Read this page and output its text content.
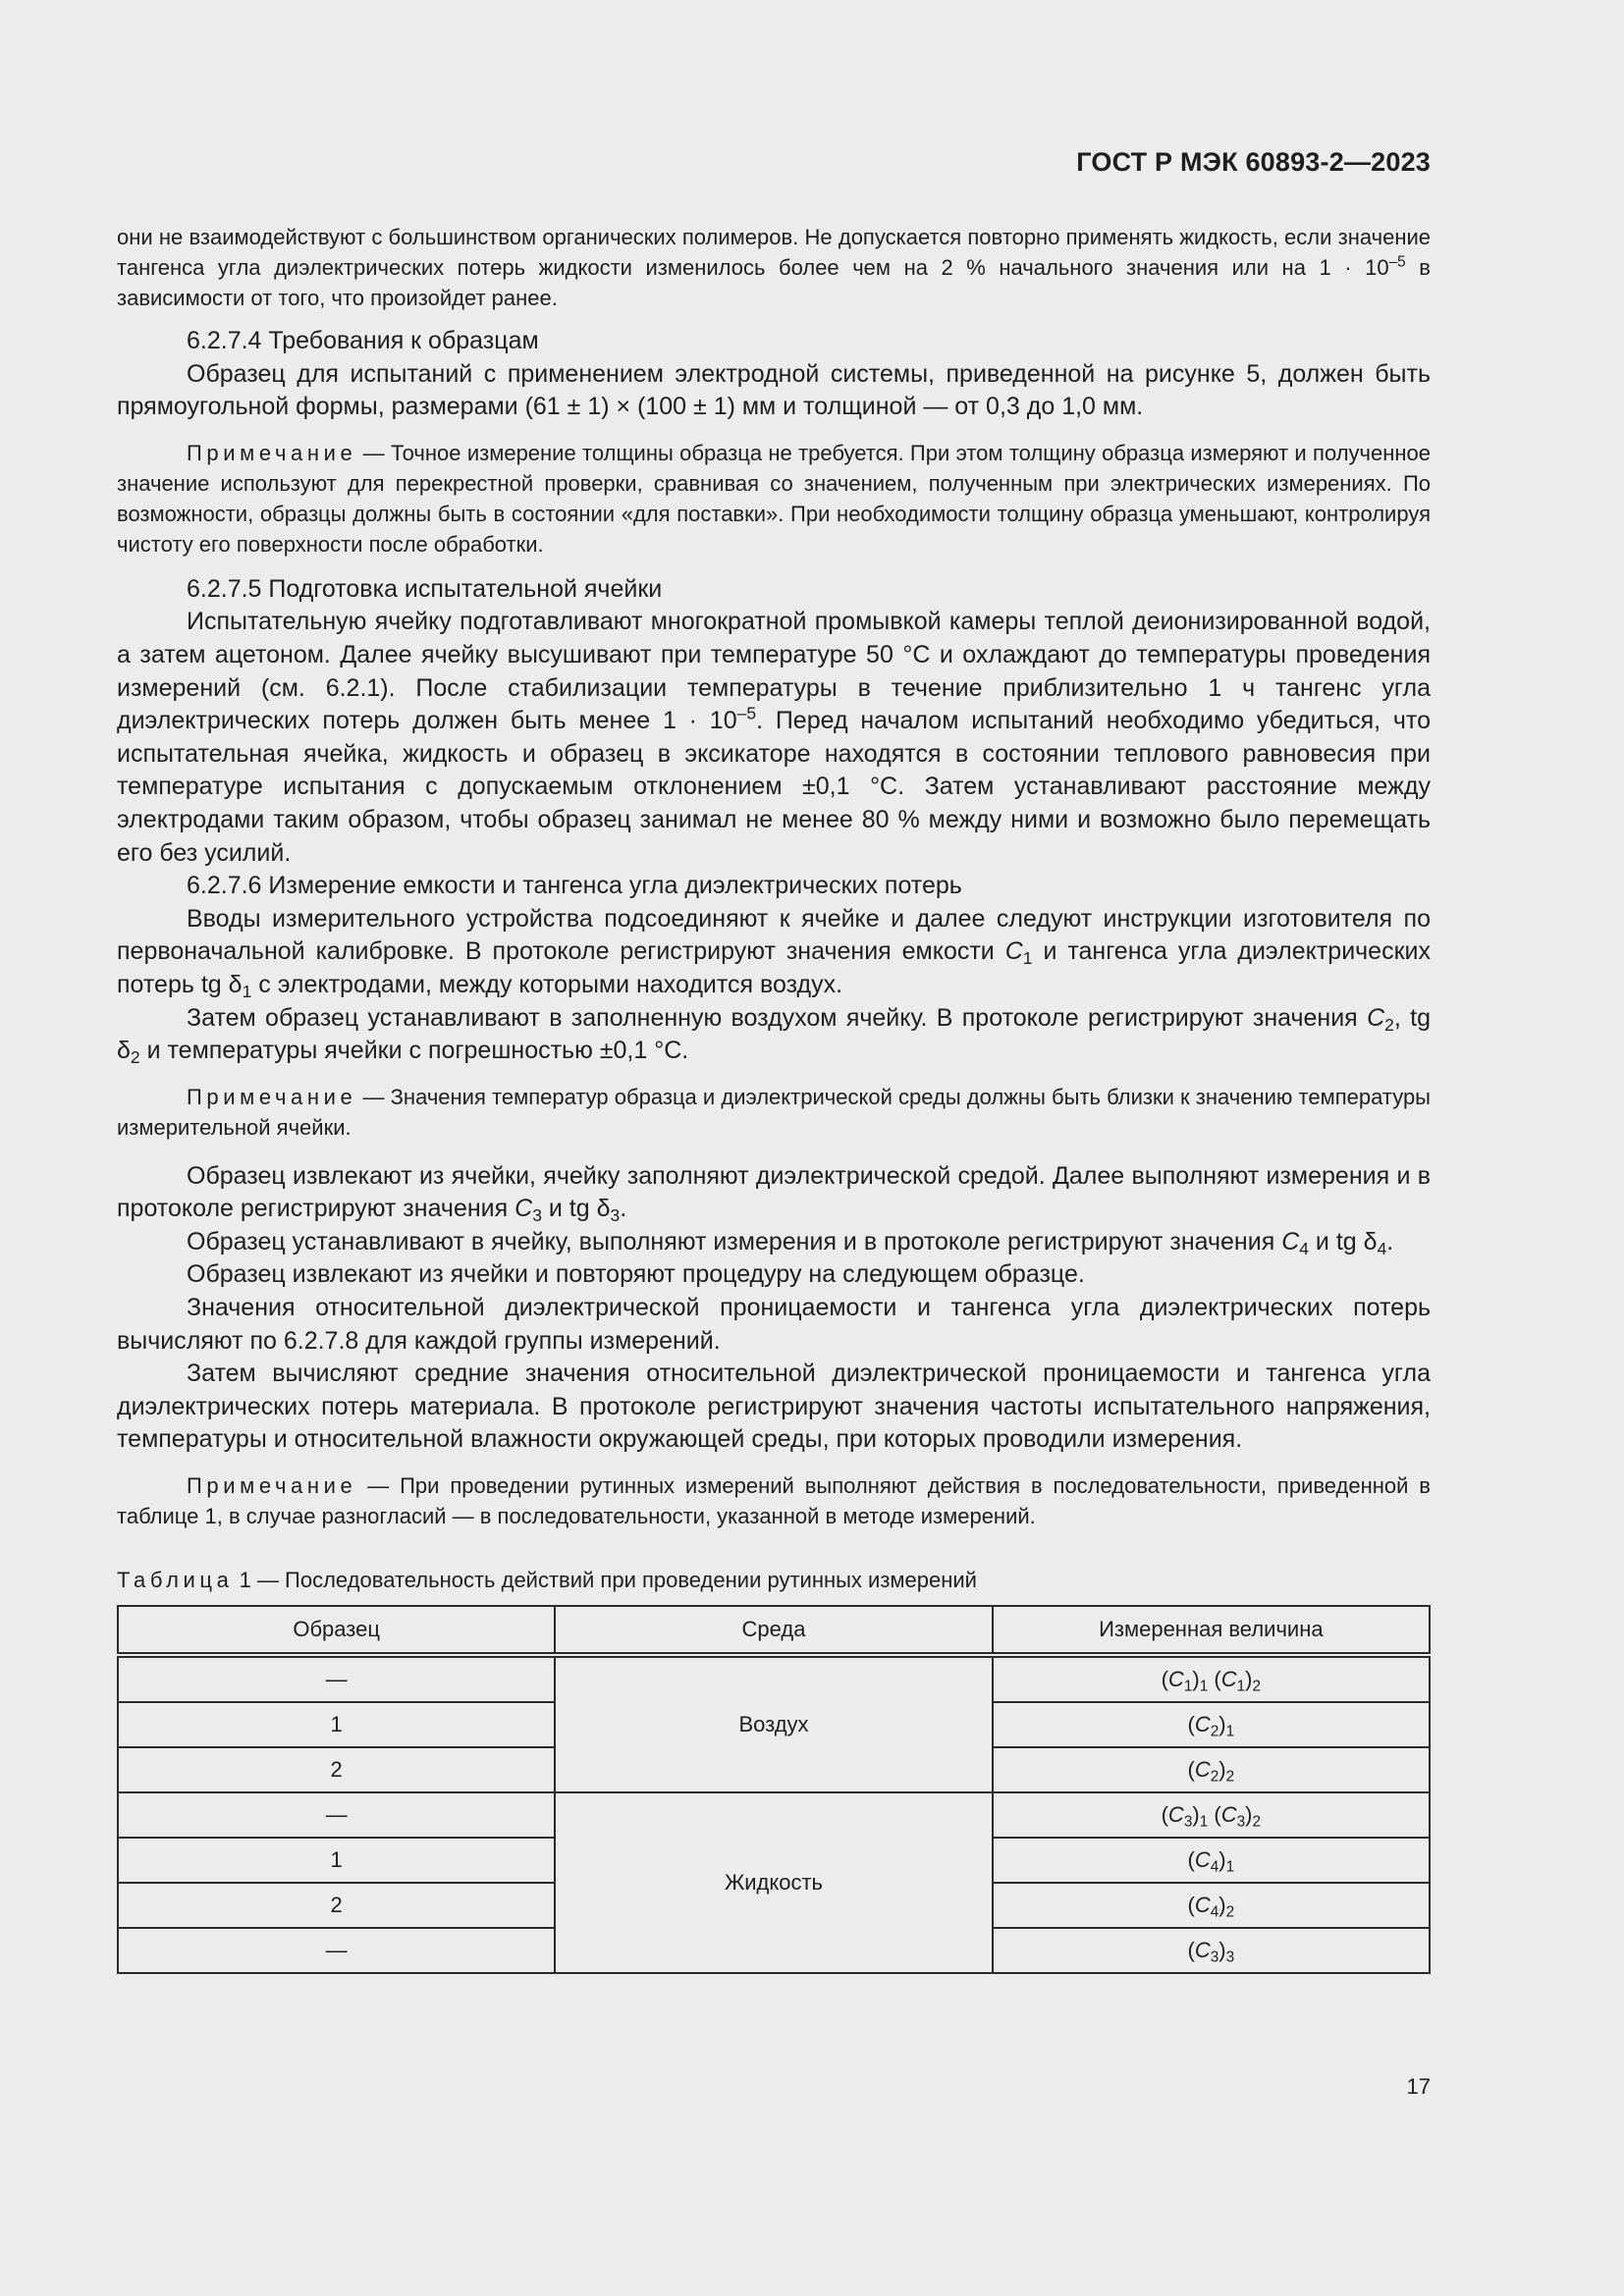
ГОСТ Р МЭК 60893-2—2023

они не взаимодействуют с большинством органических полимеров. Не допускается повторно применять жидкость, если значение тангенса угла диэлектрических потерь жидкости изменилось более чем на 2 % начального значения или на $1 \cdot 10^{-5}$ в зависимости от того, что произойдет ранее.

6.2.7.4 Требования к образцам

Образец для испытаний с применением электродной системы, приведенной на рисунке 5, должен быть прямоугольной формы, размерами (61 ± 1) × (100 ± 1) мм и толщиной — от 0,3 до 1,0 мм.

Примечание — Точное измерение толщины образца не требуется. При этом толщину образца измеряют и полученное значение используют для перекрестной проверки, сравнивая со значением, полученным при электрических измерениях. По возможности, образцы должны быть в состоянии «для поставки». При необходимости толщину образца уменьшают, контролируя чистоту его поверхности после обработки.

6.2.7.5 Подготовка испытательной ячейки

Испытательную ячейку подготавливают многократной промывкой камеры теплой деионизированной водой, а затем ацетоном. Далее ячейку высушивают при температуре 50 °C и охлаждают до температуры проведения измерений (см. 6.2.1). После стабилизации температуры в течение приблизительно 1 ч тангенс угла диэлектрических потерь должен быть менее $1 \cdot 10^{-5}$. Перед началом испытаний необходимо убедиться, что испытательная ячейка, жидкость и образец в эксикаторе находятся в состоянии теплового равновесия при температуре испытания с допускаемым отклонением ±0,1 °C. Затем устанавливают расстояние между электродами таким образом, чтобы образец занимал не менее 80 % между ними и возможно было перемещать его без усилий.

6.2.7.6 Измерение емкости и тангенса угла диэлектрических потерь

Вводы измерительного устройства подсоединяют к ячейке и далее следуют инструкции изготовителя по первоначальной калибровке. В протоколе регистрируют значения емкости $C_1$ и тангенса угла диэлектрических потерь tg $\delta_1$ с электродами, между которыми находится воздух.

Затем образец устанавливают в заполненную воздухом ячейку. В протоколе регистрируют значения $C_2$, tg $\delta_2$ и температуры ячейки с погрешностью ±0,1 °C.

Примечание — Значения температур образца и диэлектрической среды должны быть близки к значению температуры измерительной ячейки.

Образец извлекают из ячейки, ячейку заполняют диэлектрической средой. Далее выполняют измерения и в протоколе регистрируют значения $C_3$ и tg $\delta_3$.

Образец устанавливают в ячейку, выполняют измерения и в протоколе регистрируют значения $C_4$ и tg $\delta_4$.

Образец извлекают из ячейки и повторяют процедуру на следующем образце.

Значения относительной диэлектрической проницаемости и тангенса угла диэлектрических потерь вычисляют по 6.2.7.8 для каждой группы измерений.

Затем вычисляют средние значения относительной диэлектрической проницаемости и тангенса угла диэлектрических потерь материала. В протоколе регистрируют значения частоты испытательного напряжения, температуры и относительной влажности окружающей среды, при которых проводили измерения.

Примечание — При проведении рутинных измерений выполняют действия в последовательности, приведенной в таблице 1, в случае разногласий — в последовательности, указанной в методе измерений.

Таблица 1 — Последовательность действий при проведении рутинных измерений

Образец	Среда	Измеренная величина
—	Воздух	$(C_1)_1$ $(C_1)_2$
1		$(C_2)_1$
2		$(C_2)_2$
—	Жидкость	$(C_3)_1$ $(C_3)_2$
1		$(C_4)_1$
2		$(C_4)_2$
—		$(C_3)_3$
17
